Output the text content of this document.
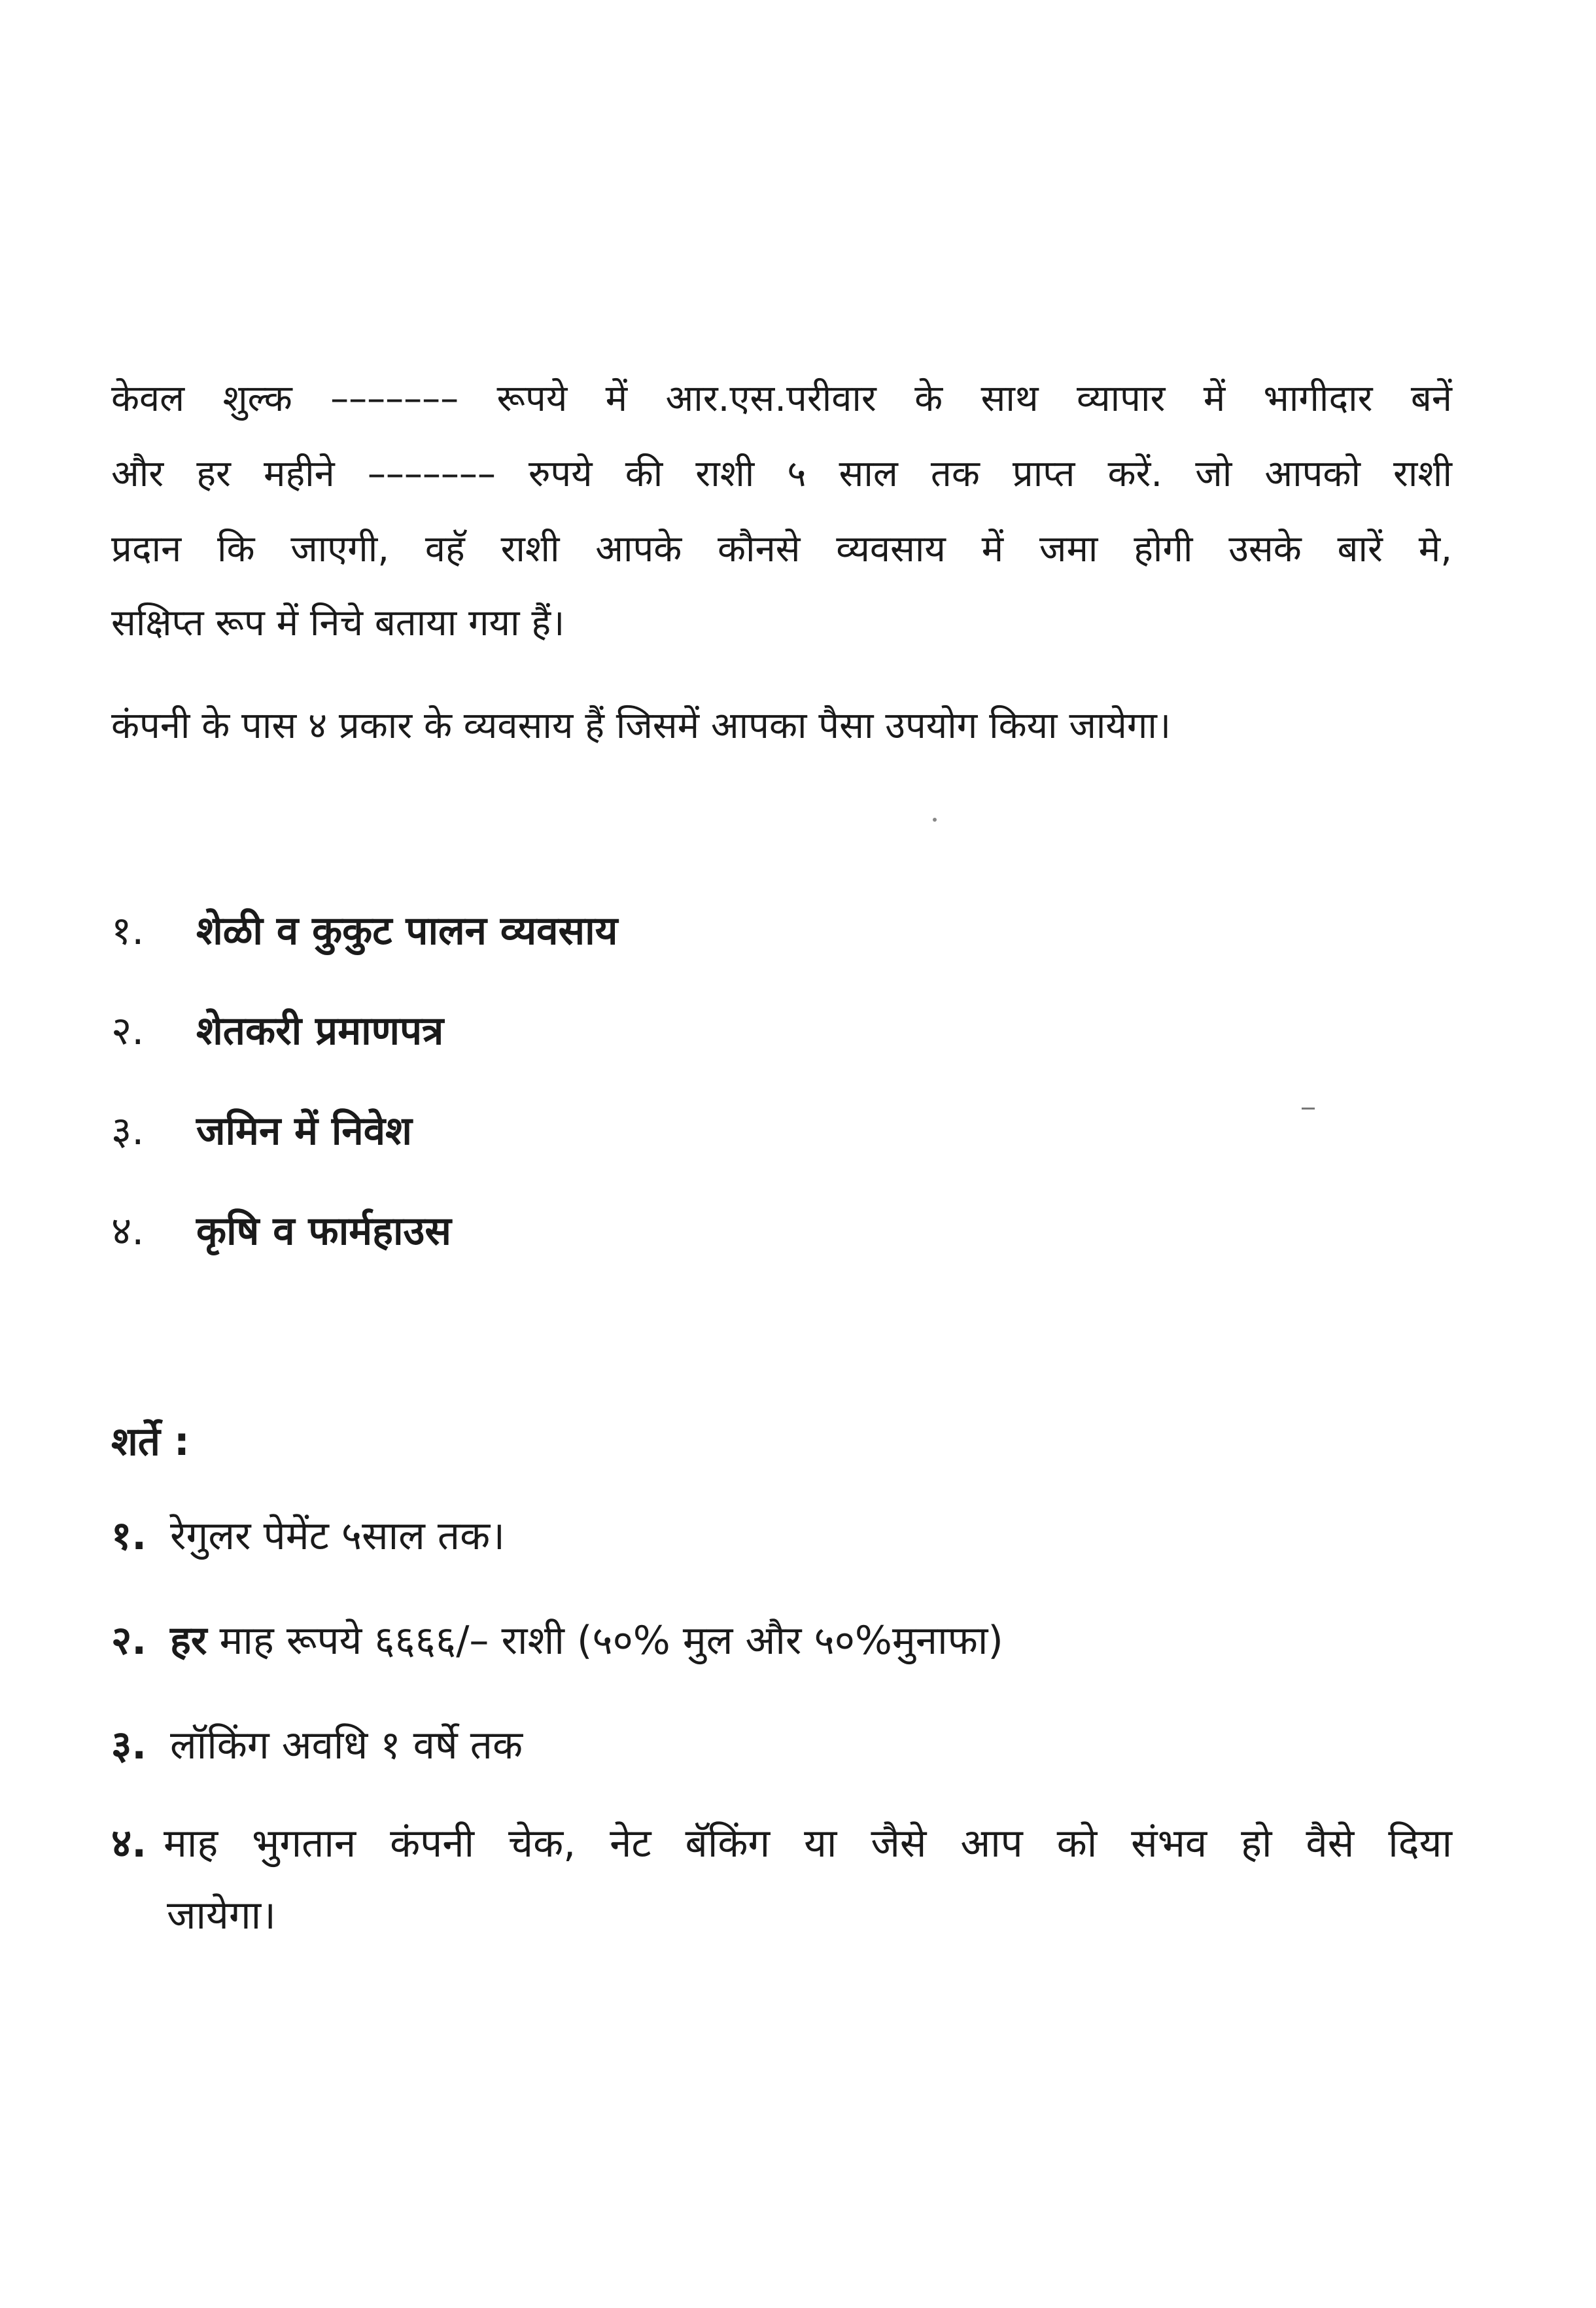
केवल शुल्क ––––––– रूपये में आर.एस.परीवार के साथ व्यापार में भागीदार बनें
और हर महीने ––––––– रुपये की राशी ५ साल तक प्राप्त करें. जो आपको राशी
प्रदान कि जाएगी, वहॅ राशी आपके कौनसे व्यवसाय में जमा होगी उसके बारें मे,
सक्षिप्त रूप में निचे बताया गया हैं।
कंपनी के पास ४ प्रकार के व्यवसाय हैं जिसमें आपका पैसा उपयोग किया जायेगा।
१. शेळी व कुकुट पालन व्यवसाय
२. शेतकरी प्रमाणपत्र
३. जमिन में निवेश
४. कृषि व फार्महाउस
शर्ते :
१. रेगुलर पेमेंट ५साल तक।
२. हर माह रूपये ६६६६/– राशी (५०% मुल और ५०%मुनाफा)
३. लॉकिंग अवधि १ वर्षे तक
४. माह भुगतान कंपनी चेक, नेट बॅकिंग या जैसे आप को संभव हो वैसे दिया
जायेगा।
